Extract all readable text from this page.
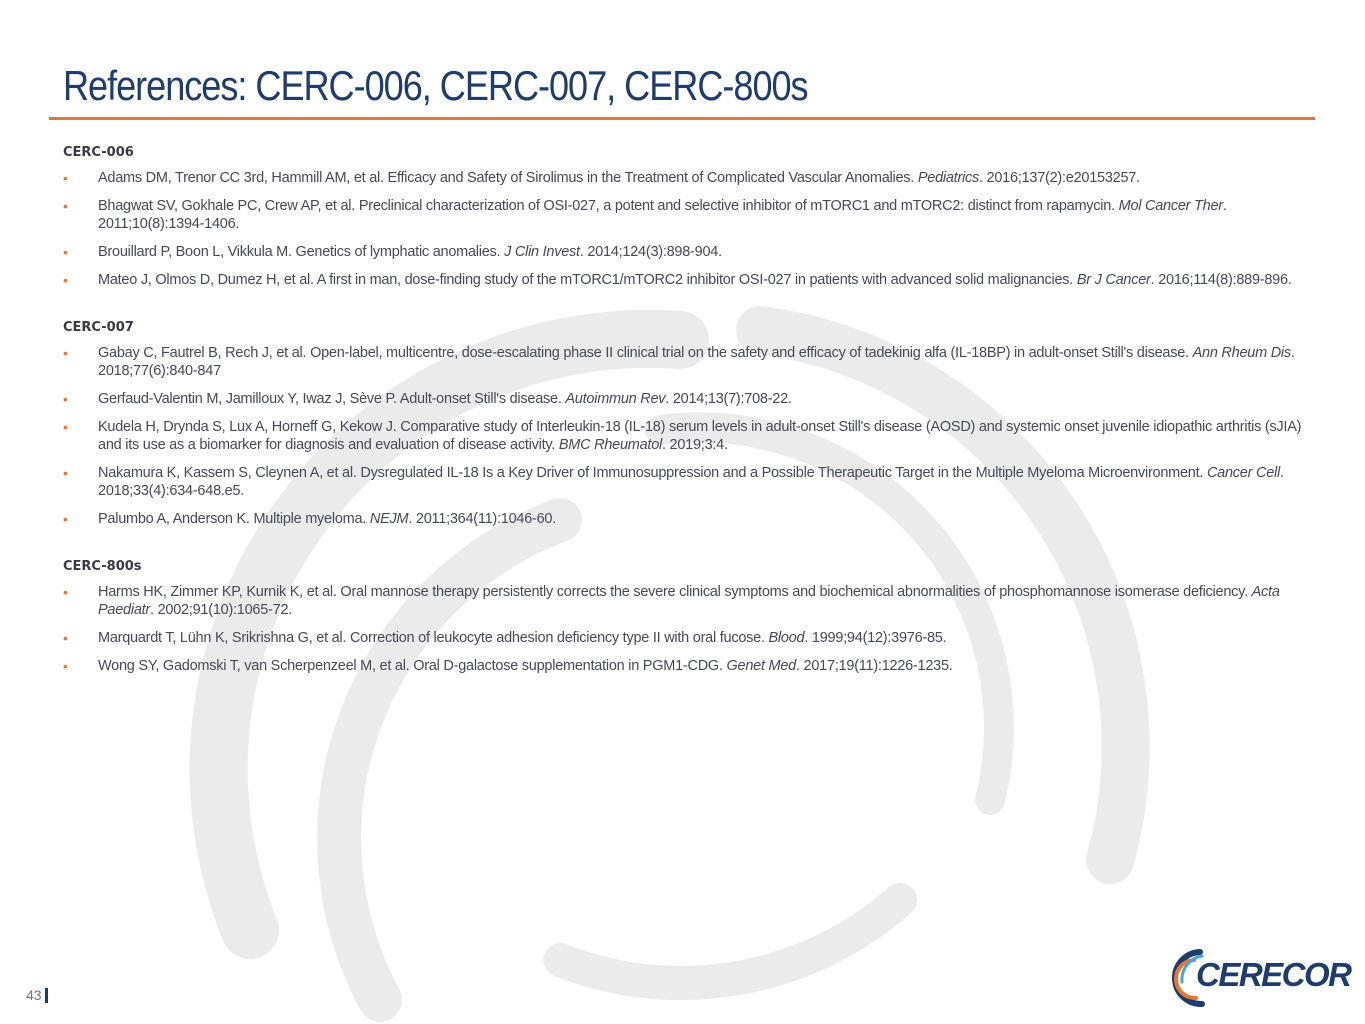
References: CERC-006, CERC-007, CERC-800s
CERC-006
• Adams DM, Trenor CC 3rd, Hammill AM, et al. Efficacy and Safety of Sirolimus in the Treatment of Complicated Vascular Anomalies. Pediatrics. 2016;137(2):e20153257.
• Bhagwat SV, Gokhale PC, Crew AP, et al. Preclinical characterization of OSI-027, a potent and selective inhibitor of mTORC1 and mTORC2: distinct from rapamycin. Mol Cancer Ther. 2011;10(8):1394-1406.
• Brouillard P, Boon L, Vikkula M. Genetics of lymphatic anomalies. J Clin Invest. 2014;124(3):898-904.
• Mateo J, Olmos D, Dumez H, et al. A first in man, dose-finding study of the mTORC1/mTORC2 inhibitor OSI-027 in patients with advanced solid malignancies. Br J Cancer. 2016;114(8):889-896.
CERC-007
• Gabay C, Fautrel B, Rech J, et al. Open-label, multicentre, dose-escalating phase II clinical trial on the safety and efficacy of tadekinig alfa (IL-18BP) in adult-onset Still's disease. Ann Rheum Dis. 2018;77(6):840-847
• Gerfaud-Valentin M, Jamilloux Y, Iwaz J, Sève P. Adult-onset Still's disease. Autoimmun Rev. 2014;13(7):708-22.
• Kudela H, Drynda S, Lux A, Horneff G, Kekow J. Comparative study of Interleukin-18 (IL-18) serum levels in adult-onset Still's disease (AOSD) and systemic onset juvenile idiopathic arthritis (sJIA) and its use as a biomarker for diagnosis and evaluation of disease activity. BMC Rheumatol. 2019;3:4.
• Nakamura K, Kassem S, Cleynen A, et al. Dysregulated IL-18 Is a Key Driver of Immunosuppression and a Possible Therapeutic Target in the Multiple Myeloma Microenvironment. Cancer Cell. 2018;33(4):634-648.e5.
• Palumbo A, Anderson K. Multiple myeloma. NEJM. 2011;364(11):1046-60.
CERC-800s
• Harms HK, Zimmer KP, Kurnik K, et al. Oral mannose therapy persistently corrects the severe clinical symptoms and biochemical abnormalities of phosphomannose isomerase deficiency. Acta Paediatr. 2002;91(10):1065-72.
• Marquardt T, Lühn K, Srikrishna G, et al. Correction of leukocyte adhesion deficiency type II with oral fucose. Blood. 1999;94(12):3976-85.
• Wong SY, Gadomski T, van Scherpenzeel M, et al. Oral D-galactose supplementation in PGM1-CDG. Genet Med. 2017;19(11):1226-1235.
43
CERECOR
